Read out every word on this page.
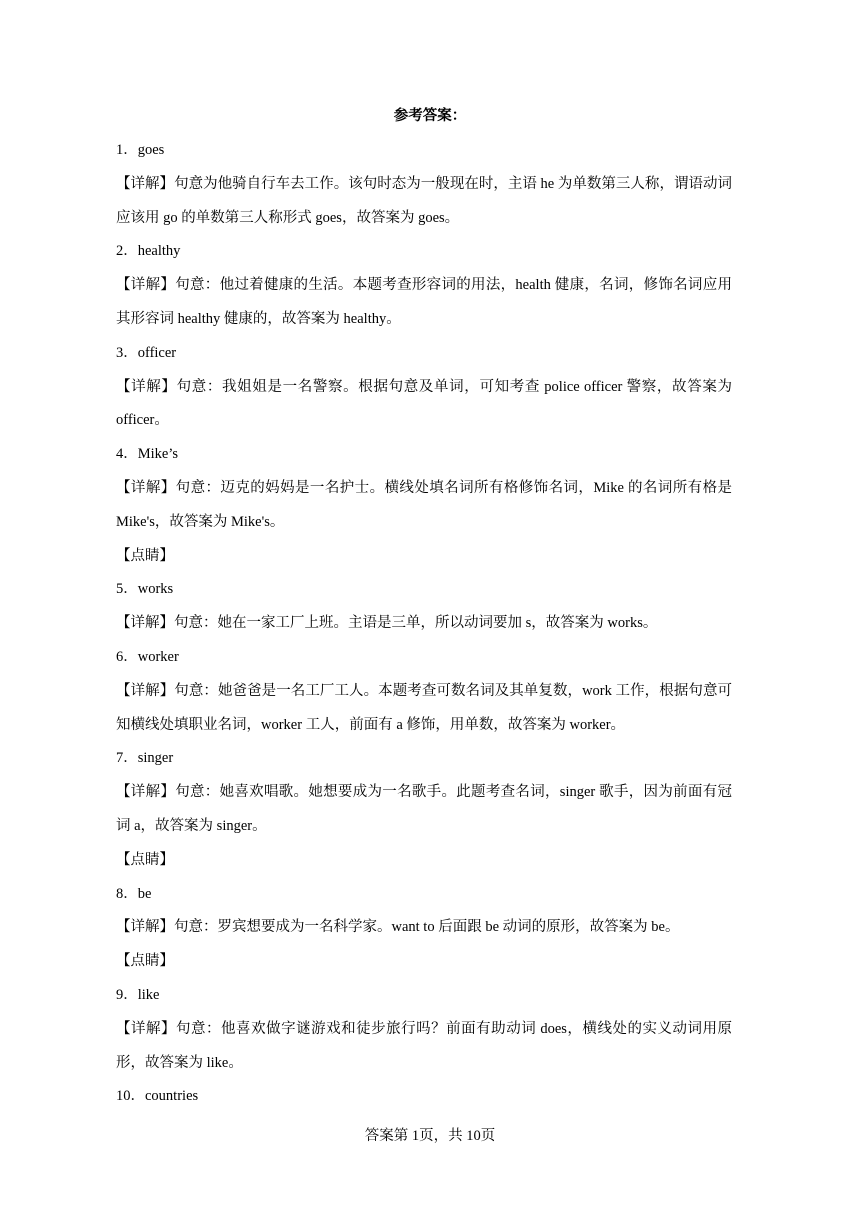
参考答案：
1．goes
【详解】句意为他骑自行车去工作。该句时态为一般现在时，主语 he 为单数第三人称，谓语动词应该用 go 的单数第三人称形式 goes，故答案为 goes。
2．healthy
【详解】句意：他过着健康的生活。本题考查形容词的用法，health 健康，名词，修饰名词应用其形容词 healthy 健康的，故答案为 healthy。
3．officer
【详解】句意：我姐姐是一名警察。根据句意及单词，可知考查 police officer 警察，故答案为 officer。
4．Mike’s
【详解】句意：迈克的妈妈是一名护士。横线处填名词所有格修饰名词，Mike 的名词所有格是 Mike's，故答案为 Mike's。
【点睛】
5．works
【详解】句意：她在一家工厂上班。主语是三单，所以动词要加 s，故答案为 works。
6．worker
【详解】句意：她爸爸是一名工厂工人。本题考查可数名词及其单复数，work 工作，根据句意可知横线处填职业名词，worker 工人，前面有 a 修饰，用单数，故答案为 worker。
7．singer
【详解】句意：她喜欢唱歌。她想要成为一名歌手。此题考查名词，singer 歌手，因为前面有冠词 a，故答案为 singer。
【点睛】
8．be
【详解】句意：罗宾想要成为一名科学家。want to 后面跟 be 动词的原形，故答案为 be。
【点睛】
9．like
【详解】句意：他喜欢做字谜游戏和徒步旅行吗？前面有助动词 does，横线处的实义动词用原形，故答案为 like。
10．countries
答案第 1页，共 10页
